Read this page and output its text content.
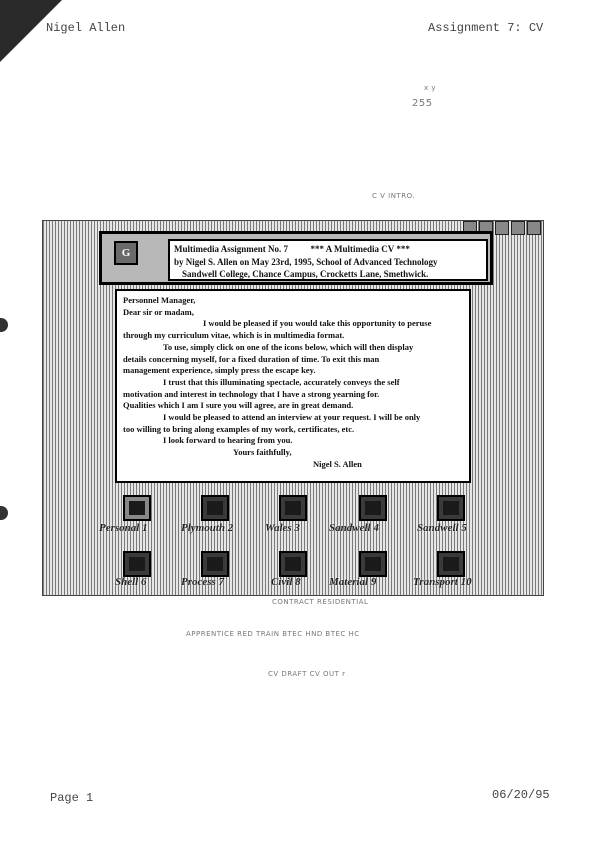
Nigel Allen	Assignment 7: CV
x y
255
C V INTRO.
G	Multimedia Assignment No. 7          *** A Multimedia CV ***
by Nigel S. Allen on May 23rd, 1995, School of Advanced Technology
Sandwell College, Chance Campus, Crocketts Lane, Smethwick.
Personnel Manager,
Dear sir or madam,
I would be pleased if you would take this opportunity to peruse
through my curriculum vitae, which is in multimedia format.
To use, simply click on one of the icons below, which will then display
details concerning myself, for a fixed duration of time. To exit this man
management experience, simply press the escape key.
I trust that this illuminating spectacle, accurately conveys the self
motivation and interest in technology that I have a strong yearning for.
Qualities which I am I sure you will agree, are in great demand.
I would be pleased to attend an interview at your request. I will be only
too willing to bring along examples of my work, certificates, etc.
I look forward to hearing from you.
Yours faithfully,
Nigel S. Allen
Personal 1	Plymouth 2	Wales 3	Sandwell 4	Sandwell 5
Shell 6	Process 7	Civil 8	Material 9	Transport 10
CONTRACT RESIDENTIAL
APPRENTICE RED TRAIN BTEC HND BTEC HC
CV DRAFT CV OUT r
Page 1	06/20/95
